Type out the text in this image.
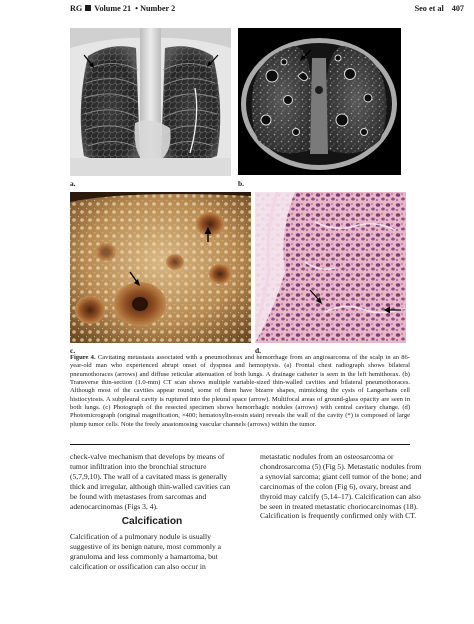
RG Volume 21  • Number 2	Seo et al 407
a.	b.
c.	d.
Figure 4. Cavitating metastasis associated with a pneumothorax and hemorrhage from an angiosarcoma of the scalp in an 86-year-old man who experienced abrupt onset of dyspnea and hemoptysis. (a) Frontal chest radiograph shows bilateral pneumothoraces (arrows) and diffuse reticular attenuation of both lungs. A drainage catheter is seen in the left hemithorax. (b) Transverse thin-section (1.0-mm) CT scan shows multiple variable-sized thin-walled cavities and bilateral pneumothoraces. Although most of the cavities appear round, some of them have bizarre shapes, mimicking the cysts of Langerhans cell histiocytosis. A subpleural cavity is ruptured into the pleural space (arrow). Multifocal areas of ground-glass opacity are seen in both lungs. (c) Photograph of the resected specimen shows hemorrhagic nodules (arrows) with central cavitary change. (d) Photomicrograph (original magnification, ×400; hematoxylin-eosin stain) reveals the wall of the cavity (*) is composed of large plump tumor cells. Note the freely anastomosing vascular channels (arrows) within the tumor.

check-valve mechanism that develops by means of tumor infiltration into the bronchial structure (5,7,9,10). The wall of a cavitated mass is generally thick and irregular, although thin-walled cavities can be found with metastases from sarcomas and adenocarcinomas (Figs 3, 4).

Calcification

Calcification of a pulmonary nodule is usually suggestive of its benign nature, most commonly a granuloma and less commonly a hamartoma, but calcification or ossification can also occur in

metastatic nodules from an osteosarcoma or chondrosarcoma (5) (Fig 5). Metastatic nodules from a synovial sarcoma; giant cell tumor of the bone; and carcinomas of the colon (Fig 6), ovary, breast and thyroid may calcify (5,14–17). Calcification can also be seen in treated metastatic choriocarcinomas (18). Calcification is frequently confirmed only with CT.
